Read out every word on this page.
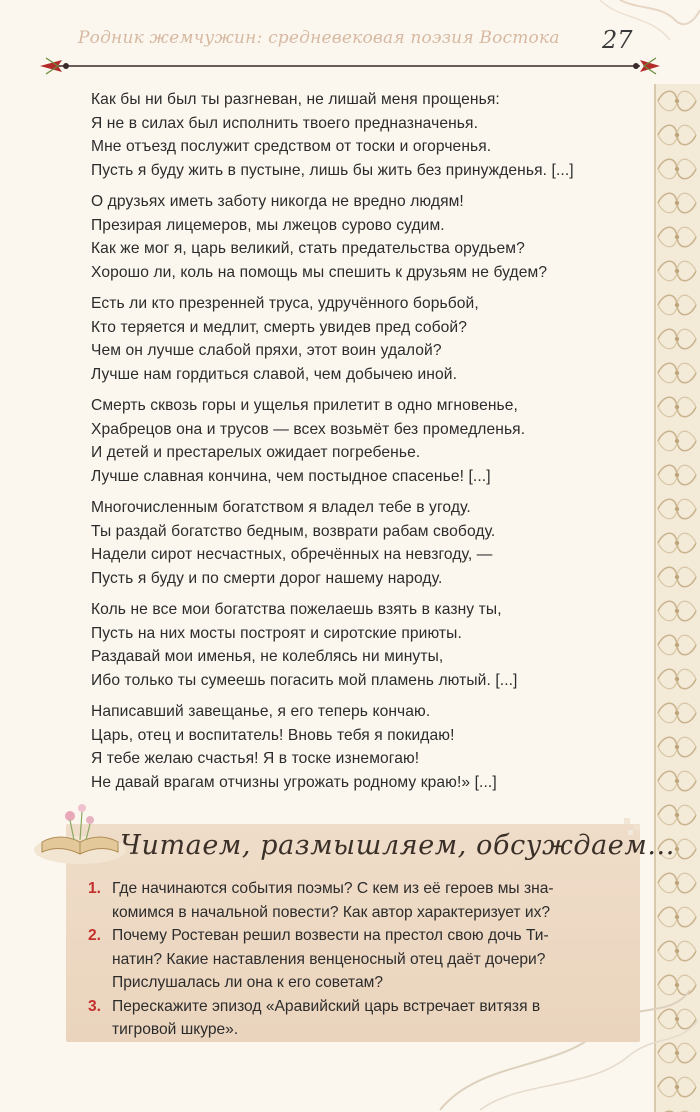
Родник жемчужин: средневековая поэзия Востока 27
Как бы ни был ты разгневан, не лишай меня прощенья:
Я не в силах был исполнить твоего предназначенья.
Мне отъезд послужит средством от тоски и огорченья.
Пусть я буду жить в пустыне, лишь бы жить без принужденья. [...]
О друзьях иметь заботу никогда не вредно людям!
Презирая лицемеров, мы лжецов сурово судим.
Как же мог я, царь великий, стать предательства орудьем?
Хорошо ли, коль на помощь мы спешить к друзьям не будем?
Есть ли кто презренней труса, удручённого борьбой,
Кто теряется и медлит, смерть увидев пред собой?
Чем он лучше слабой пряхи, этот воин удалой?
Лучше нам гордиться славой, чем добычею иной.
Смерть сквозь горы и ущелья прилетит в одно мгновенье,
Храбрецов она и трусов — всех возьмёт без промедленья.
И детей и престарелых ожидает погребенье.
Лучше славная кончина, чем постыдное спасенье! [...]
Многочисленным богатством я владел тебе в угоду.
Ты раздай богатство бедным, возврати рабам свободу.
Надели сирот несчастных, обречённых на невзгоду, —
Пусть я буду и по смерти дорог нашему народу.
Коль не все мои богатства пожелаешь взять в казну ты,
Пусть на них мосты построят и сиротские приюты.
Раздавай мои именья, не колеблясь ни минуты,
Ибо только ты сумеешь погасить мой пламень лютый. [...]
Написавший завещанье, я его теперь кончаю.
Царь, отец и воспитатель! Вновь тебя я покидаю!
Я тебе желаю счастья! Я в тоске изнемогаю!
Не давай врагам отчизны угрожать родному краю!» [...]
Читаем, размышляем, обсуждаем...
1. Где начинаются события поэмы? С кем из её героев мы зна-
комимся в начальной повести? Как автор характеризует их?
2. Почему Ростеван решил возвести на престол свою дочь Ти-
натин? Какие наставления венценосный отец даёт дочери?
Прислушалась ли она к его советам?
3. Перескажите эпизод «Аравийский царь встречает витязя в
тигровой шкуре».
